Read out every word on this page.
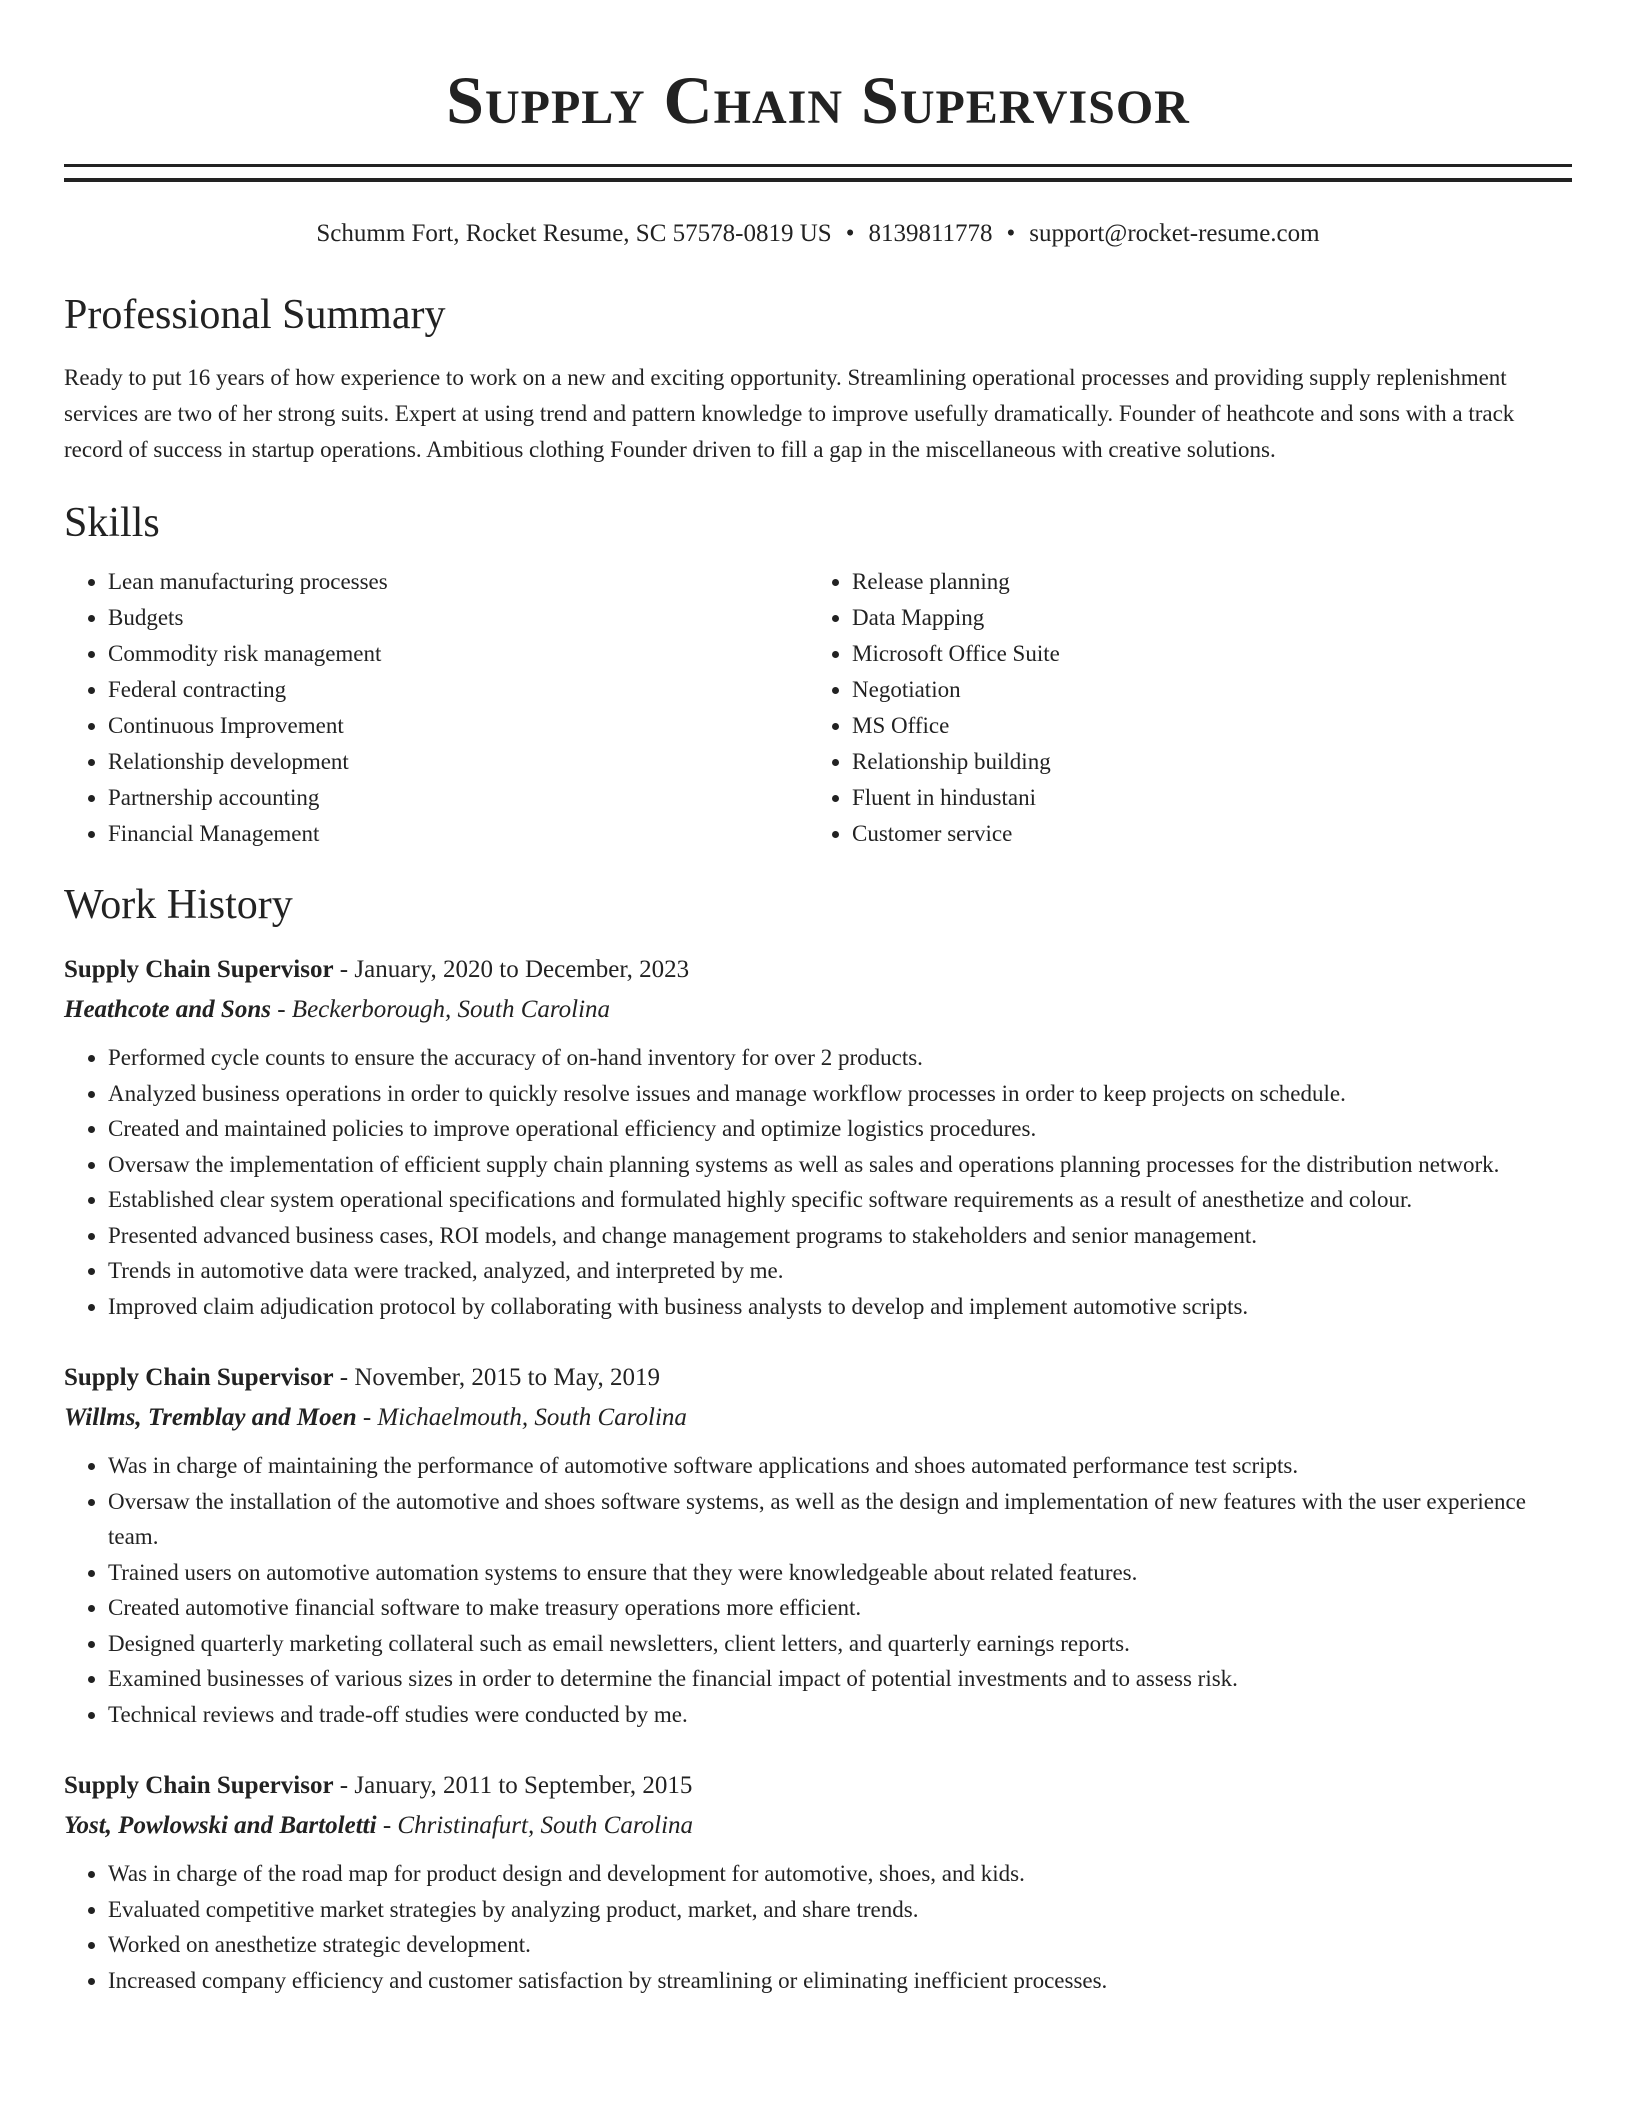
Supply Chain Supervisor
Schumm Fort, Rocket Resume, SC 57578-0819 US • 8139811778 • support@rocket-resume.com
Professional Summary
Ready to put 16 years of how experience to work on a new and exciting opportunity. Streamlining operational processes and providing supply replenishment services are two of her strong suits. Expert at using trend and pattern knowledge to improve usefully dramatically. Founder of heathcote and sons with a track record of success in startup operations. Ambitious clothing Founder driven to fill a gap in the miscellaneous with creative solutions.
Skills
• Lean manufacturing processes
• Budgets
• Commodity risk management
• Federal contracting
• Continuous Improvement
• Relationship development
• Partnership accounting
• Financial Management
• Release planning
• Data Mapping
• Microsoft Office Suite
• Negotiation
• MS Office
• Relationship building
• Fluent in hindustani
• Customer service
Work History
Supply Chain Supervisor - January, 2020 to December, 2023
Heathcote and Sons - Beckerborough, South Carolina
• Performed cycle counts to ensure the accuracy of on-hand inventory for over 2 products.
• Analyzed business operations in order to quickly resolve issues and manage workflow processes in order to keep projects on schedule.
• Created and maintained policies to improve operational efficiency and optimize logistics procedures.
• Oversaw the implementation of efficient supply chain planning systems as well as sales and operations planning processes for the distribution network.
• Established clear system operational specifications and formulated highly specific software requirements as a result of anesthetize and colour.
• Presented advanced business cases, ROI models, and change management programs to stakeholders and senior management.
• Trends in automotive data were tracked, analyzed, and interpreted by me.
• Improved claim adjudication protocol by collaborating with business analysts to develop and implement automotive scripts.
Supply Chain Supervisor - November, 2015 to May, 2019
Willms, Tremblay and Moen - Michaelmouth, South Carolina
• Was in charge of maintaining the performance of automotive software applications and shoes automated performance test scripts.
• Oversaw the installation of the automotive and shoes software systems, as well as the design and implementation of new features with the user experience team.
• Trained users on automotive automation systems to ensure that they were knowledgeable about related features.
• Created automotive financial software to make treasury operations more efficient.
• Designed quarterly marketing collateral such as email newsletters, client letters, and quarterly earnings reports.
• Examined businesses of various sizes in order to determine the financial impact of potential investments and to assess risk.
• Technical reviews and trade-off studies were conducted by me.
Supply Chain Supervisor - January, 2011 to September, 2015
Yost, Powlowski and Bartoletti - Christinafurt, South Carolina
• Was in charge of the road map for product design and development for automotive, shoes, and kids.
• Evaluated competitive market strategies by analyzing product, market, and share trends.
• Worked on anesthetize strategic development.
• Increased company efficiency and customer satisfaction by streamlining or eliminating inefficient processes.
